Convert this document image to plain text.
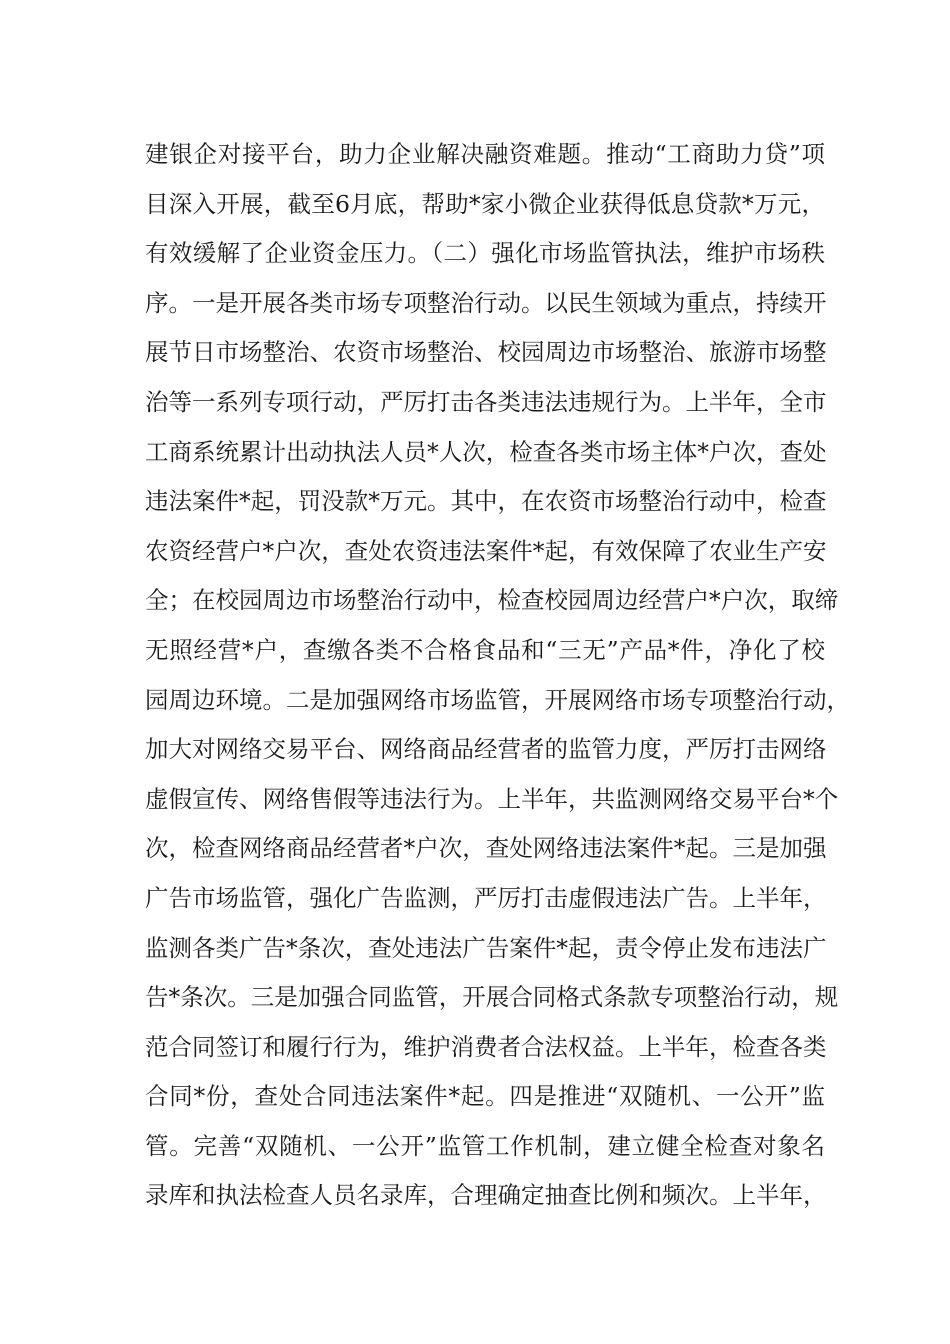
建银企对接平台，助力企业解决融资难题。推动“工商助力贷”项
目深入开展，截至6月底，帮助*家小微企业获得低息贷款*万元，
有效缓解了企业资金压力。（二）强化市场监管执法，维护市场秩
序。一是开展各类市场专项整治行动。以民生领域为重点，持续开
展节日市场整治、农资市场整治、校园周边市场整治、旅游市场整
治等一系列专项行动，严厉打击各类违法违规行为。上半年，全市
工商系统累计出动执法人员*人次，检查各类市场主体*户次，查处
违法案件*起，罚没款*万元。其中，在农资市场整治行动中，检查
农资经营户*户次，查处农资违法案件*起，有效保障了农业生产安
全；在校园周边市场整治行动中，检查校园周边经营户*户次，取缔
无照经营*户，查缴各类不合格食品和“三无”产品*件，净化了校
园周边环境。二是加强网络市场监管，开展网络市场专项整治行动，
加大对网络交易平台、网络商品经营者的监管力度，严厉打击网络
虚假宣传、网络售假等违法行为。上半年，共监测网络交易平台*个
次，检查网络商品经营者*户次，查处网络违法案件*起。三是加强
广告市场监管，强化广告监测，严厉打击虚假违法广告。上半年，
监测各类广告*条次，查处违法广告案件*起，责令停止发布违法广
告*条次。三是加强合同监管，开展合同格式条款专项整治行动，规
范合同签订和履行行为，维护消费者合法权益。上半年，检查各类
合同*份，查处合同违法案件*起。四是推进“双随机、一公开”监
管。完善“双随机、一公开”监管工作机制，建立健全检查对象名
录库和执法检查人员名录库，合理确定抽查比例和频次。上半年，
